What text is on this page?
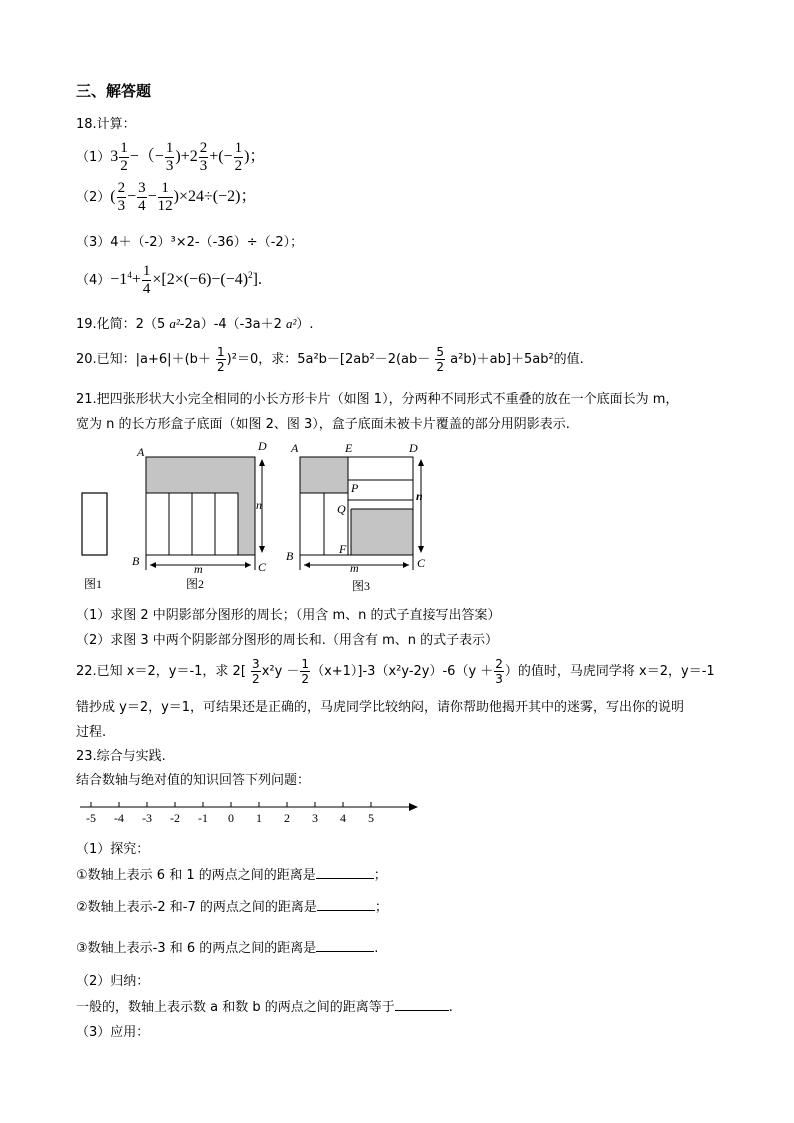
三、解答题
18.计算：
$(1)3 \frac{1}{2}$ −（− $\frac{1}{3} )+2 \frac{2}{3}$ +(− $\frac{1}{2}$ )；
$(2)( \frac{2}{3} - \frac{3}{4} - \frac{1}{12} )\times 24\div(-2)$；
（3）4＋（-2）³×2-（-36）÷（-2）；
$(4)-1^4+ \frac{1}{4} \times[2\times(-6)-(-4)^2]$.
19.化简：2（5 a²-2a）-4（-3a＋2 a²）.
20.已知：$|a+6|+(b+ \frac{1}{2} )^2=0$，求：$5a^2b-[2ab^2-2(ab- \frac{5}{2} a^2b)+ab]+5ab^2$的值.
21.把四张形状大小完全相同的小长方形卡片（如图 1），分两种不同形式不重叠的放在一个底面长为 m，
宽为 n 的长方形盒子底面（如图 2、图 3），盒子底面未被卡片覆盖的部分用阴影表示.
图1
A	D
B	C
n
m
图2
A	E	D
P
Q
F
B	C
n
m
图3
（1）求图 2 中阴影部分图形的周长；（用含 m、n 的式子直接写出答案）
（2）求图 3 中两个阴影部分图形的周长和.（用含有 m、n 的式子表示）
22.已知 x＝2，y＝-1，求 $2[ \frac{3}{2} x^2y - \frac{1}{2} (x+1)]-3(x^2y-2y)-6(y + \frac{2}{3}$ ）的值时，马虎同学将 x＝2，y＝-1
错抄成 y＝2，y＝1，可结果还是正确的，马虎同学比较纳闷，请你帮助他揭开其中的迷雾，写出你的说明
过程.
23.综合与实践.
结合数轴与绝对值的知识回答下列问题：
-5 -4 -3 -2 -1 0 1 2 3 4 5
（1）探究：
①数轴上表示 6 和 1 的两点之间的距离是	；
②数轴上表示-2 和-7 的两点之间的距离是	；
③数轴上表示-3 和 6 的两点之间的距离是	.
（2）归纳：
一般的，数轴上表示数 a 和数 b 的两点之间的距离等于	.
（3）应用：
